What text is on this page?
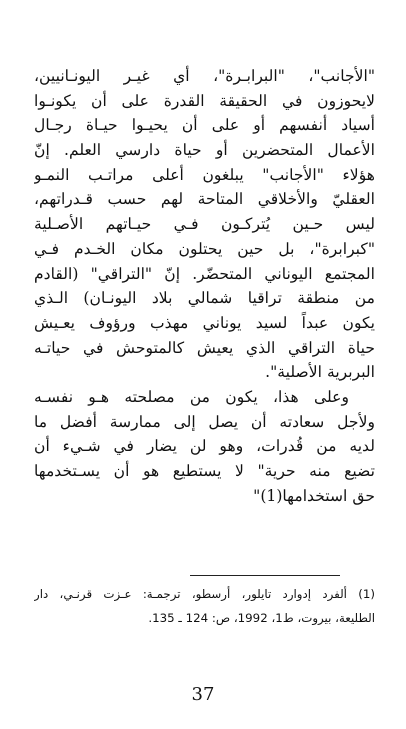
"الأجانب"، "البرابـرة"، أي غيـر اليونـانيين،
لايحوزون في الحقيقة القدرة على أن يكونـوا
أسياد أنفسهم أو على أن يحيـوا حيـاة رجـال
الأعمال المتحضرين أو حياة دارسي العلم. إنّ
هؤلاء "الأجانب" يبلغون أعلى مراتـب النمـو
العقليّ والأخلاقي المتاحة لهم حسب قـدراتهم،
ليس حـين يُتركـون فـي حيـاتهم الأصـلية
"كبرابرة"، بل حين يحتلون مكان الخـدم فـي
المجتمع اليوناني المتحضّر. إنّ "التراقي" (القادم
من منطقة تراقيا شمالي بلاد اليونـان) الـذي
يكون عبداً لسيد يوناني مهذب ورؤوف يعـيش
حياة التراقي الذي يعيش كالمتوحش في حياتـه
البربرية الأصلية".
وعلى هذا، يكون من مصلحته هـو نفسـه
ولأجل سعادته أن يصل إلى ممارسة أفضل ما
لديه من قُدرات، وهو لن يضار في شـيء أن
تضيع منه حرية" لا يستطيع هو أن يسـتخدمها
حق استخدامها(1)"
(1) ألفرد إدوارد تايلور، أرسطو، ترجمـة: عـزت قرنـي، دار
الطليعة، بيروت، ط1، 1992، ص: 124 ـ 135.
37
